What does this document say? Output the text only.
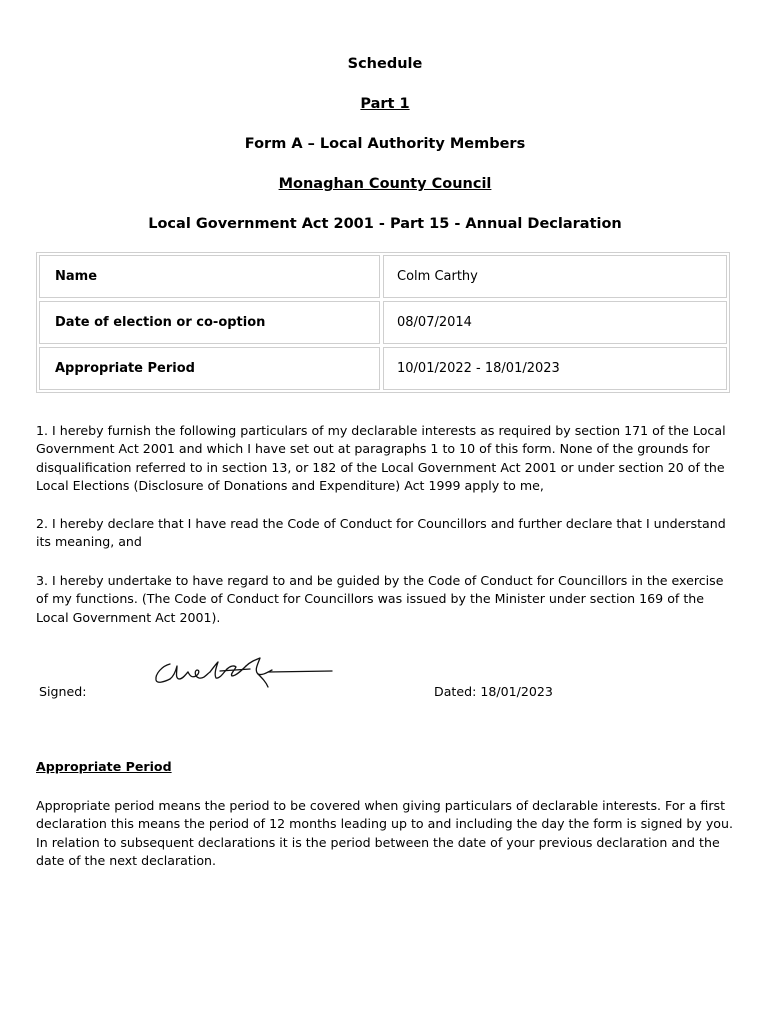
Schedule
Part 1
Form A – Local Authority Members
Monaghan County Council
Local Government Act 2001 - Part 15 - Annual Declaration
Name	Colm Carthy
Date of election or co-option	08/07/2014
Appropriate Period	10/01/2022 - 18/01/2023
1. I hereby furnish the following particulars of my declarable interests as required by section 171 of the Local Government Act 2001 and which I have set out at paragraphs 1 to 10 of this form. None of the grounds for disqualification referred to in section 13, or 182 of the Local Government Act 2001 or under section 20 of the Local Elections (Disclosure of Donations and Expenditure) Act 1999 apply to me,
2. I hereby declare that I have read the Code of Conduct for Councillors and further declare that I understand its meaning, and
3. I hereby undertake to have regard to and be guided by the Code of Conduct for Councillors in the exercise of my functions. (The Code of Conduct for Councillors was issued by the Minister under section 169 of the Local Government Act 2001).
Signed:	Dated: 18/01/2023
Appropriate Period
Appropriate period means the period to be covered when giving particulars of declarable interests. For a first declaration this means the period of 12 months leading up to and including the day the form is signed by you. In relation to subsequent declarations it is the period between the date of your previous declaration and the date of the next declaration.
